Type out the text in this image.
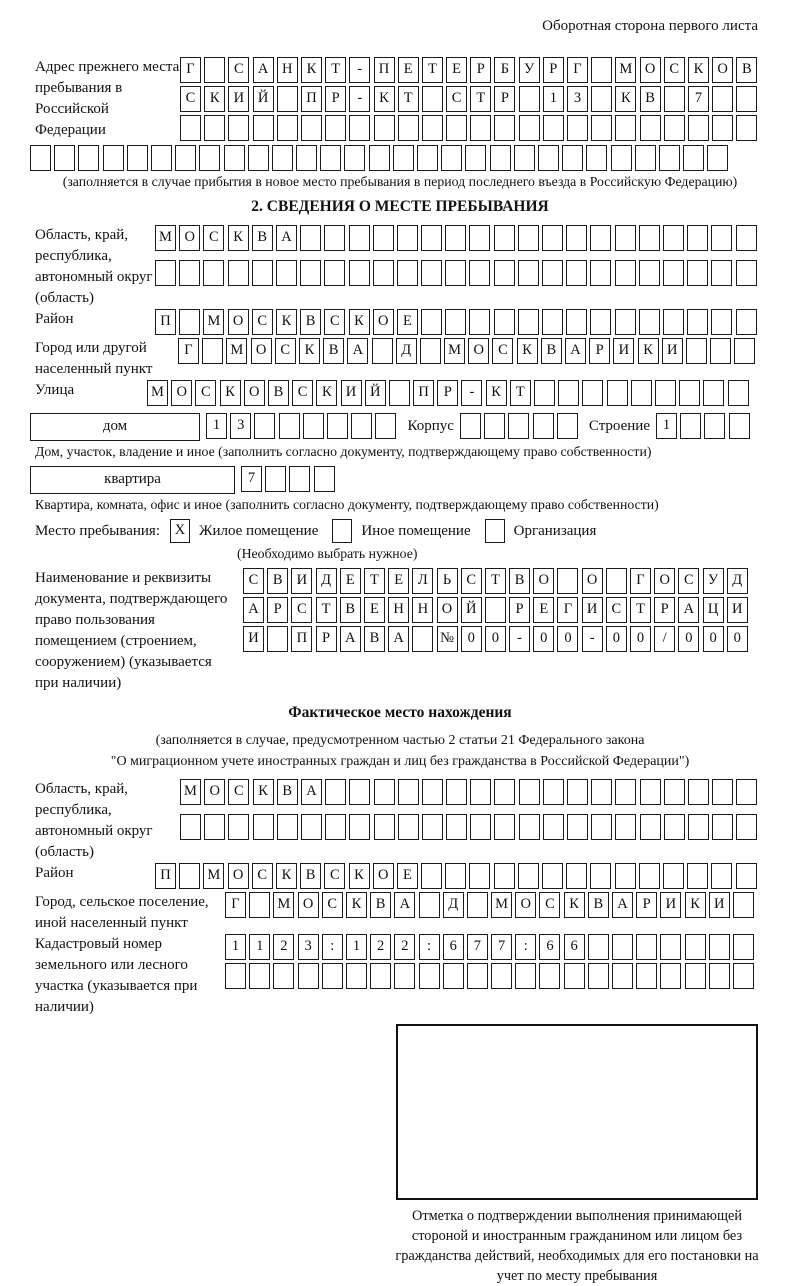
Оборотная сторона первого листа
Адрес прежнего места пребывания в Российской Федерации
Г	С А Н К Т - П Е Т Е Р Б У Р Г	М О С К О В
С К И Й	П Р - К Т	С Т Р	1 3	К В	7
(заполняется в случае прибытия в новое место пребывания в период последнего въезда в Российскую Федерацию)
2. СВЕДЕНИЯ О МЕСТЕ ПРЕБЫВАНИЯ
Область, край, республика, автономный округ (область)
М О С К В А
Район	П	М О С К В С К О Е
Город или другой населенный пункт
Г	М О С К В А	Д	М О С К В А Р И К И
Улица	М О С К О В С К И Й	П Р - К Т
дом	1 3	Корпус	Строение 1
Дом, участок, владение и иное (заполнить согласно документу, подтверждающему право собственности)
квартира	7
Квартира, комната, офис и иное (заполнить согласно документу, подтверждающему право собственности)
Место пребывания:	X Жилое помещение	Иное помещение	Организация
(Необходимо выбрать нужное)
Наименование и реквизиты документа, подтверждающего право пользования помещением (строением, сооружением) (указывается при наличии)
С В И Д Е Т Е Л Ь С Т В О	О	Г О С У Д
А Р С Т В Е Н Н О Й	Р Е Г И С Т Р А Ц И
И	П Р А В А № 0 0 - 0 0 - 0 0 / 0 0 0
Фактическое место нахождения
(заполняется в случае, предусмотренном частью 2 статьи 21 Федерального закона
"О миграционном учете иностранных граждан и лиц без гражданства в Российской Федерации")
Область, край, республика, автономный округ (область)
М О С К В А
Район	П	М О С К В С К О Е
Город, сельское поселение, иной населенный пункт
Г	М О С К В А	Д	М О С К В А Р И К И
Кадастровый номер земельного или лесного участка (указывается при наличии)
1 1 2 3 : 1 2 2 : 6 7 7 : 6 6
Отметка о подтверждении выполнения принимающей стороной и иностранным гражданином или лицом без гражданства действий, необходимых для его постановки на учет по месту пребывания
